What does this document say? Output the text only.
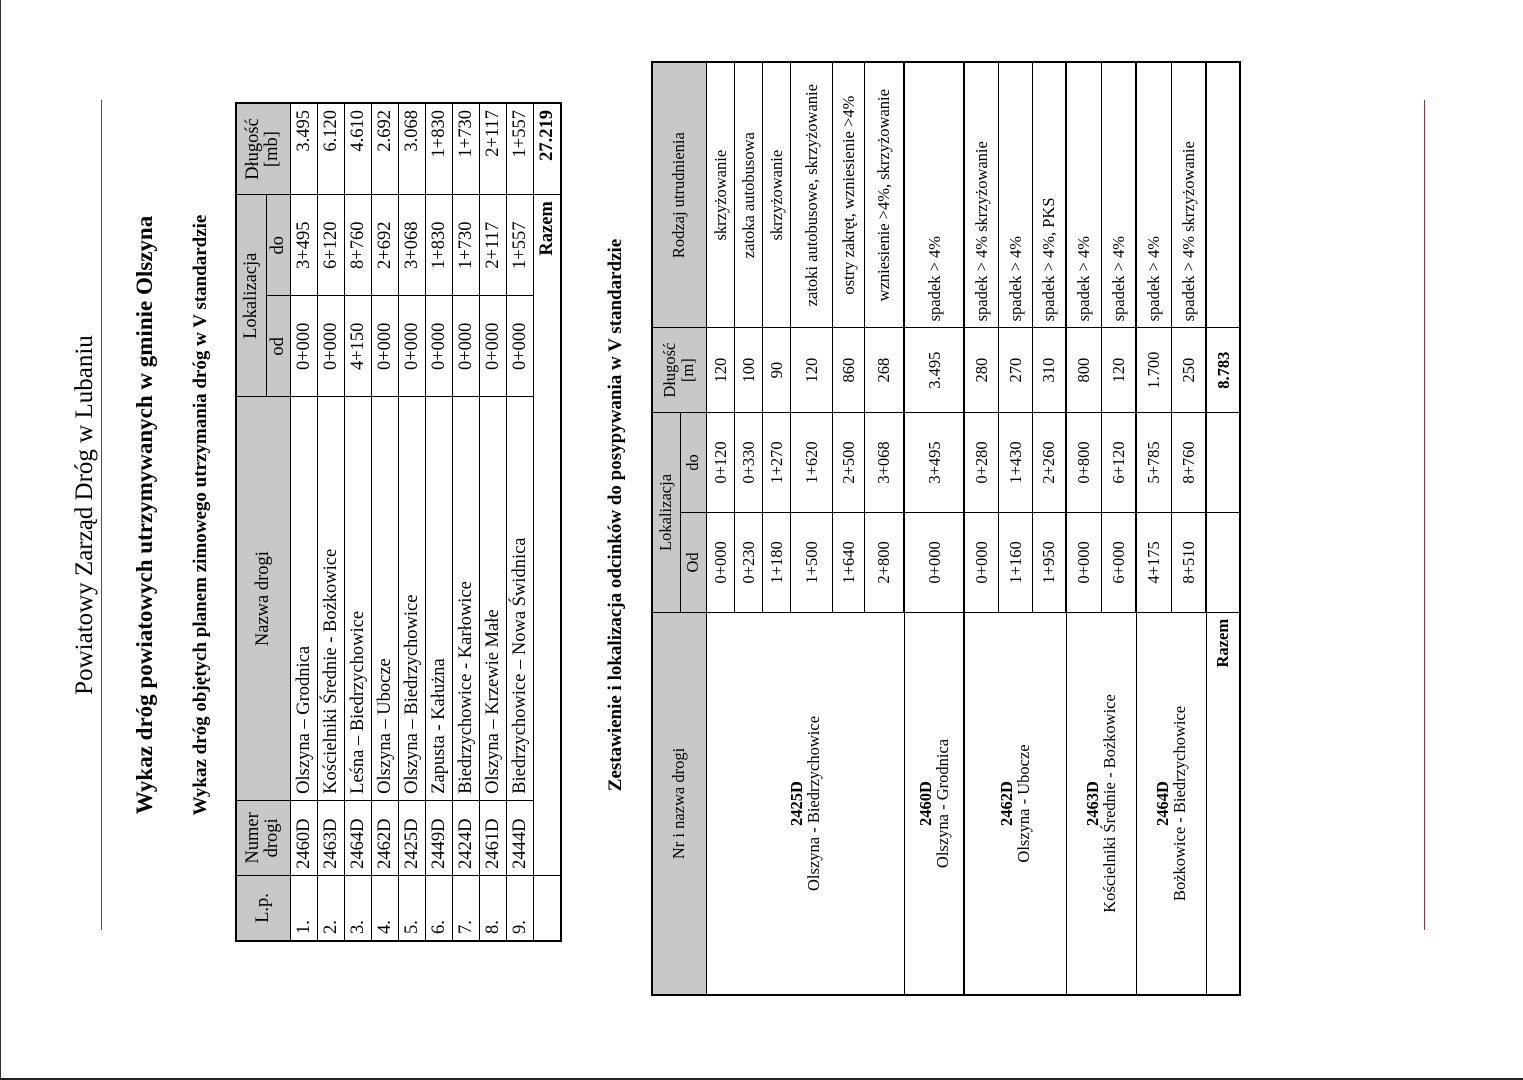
Powiatowy Zarząd Dróg w Lubaniu Wykaz dróg powiatowych utrzymywanych w gminie Olszyna Wykaz dróg objętych planem zimowego utrzymania dróg w V standardzie	Zestawienie i lokalizacja odcinków do posypywania w V standardzie
L.p.	Numer drogi	Nazwa drogi	Lokalizacja		Długość [mb]
			od	do	
1.	2460D	Olszyna – Grodnica	0+000	3+495	3.495
2.	2463D	Kościelniki Średnie - Bożkowice	0+000	6+120	6.120
3.	2464D	Leśna – Biedrzychowice	4+150	8+760	4.610
4.	2462D	Olszyna – Ubocze	0+000	2+692	2.692
5.	2425D	Olszyna – Biedrzychowice	0+000	3+068	3.068
6.	2449D	Zapusta - Kałużna	0+000	1+830	1+830
7.	2424D	Biedrzychowice - Karłowice	0+000	1+730	1+730
8.	2461D	Olszyna – Krzewie Małe	0+000	2+117	2+117
9.	2444D	Biedrzychowice – Nowa Świdnica	0+000	1+557	1+557
	Razem				27.219
Nr i nazwa drogi	Lokalizacja		Długość [m]	Rodzaj utrudnienia
	Od	do		

2425D
Olszyna - Biedrzychowice	0+000	0+120	120	skrzyżowanie
	0+230	0+330	100	zatoka autobusowa
	1+180	1+270	90	skrzyżowanie
	1+500	1+620	120	zatoki autobusowe, skrzyżowanie
	1+640	2+500	860	ostry zakręt, wzniesienie >4%
	2+800	3+068	268	wzniesienie >4%, skrzyżowanie

2460D
Olszyna - Grodnica	0+000	3+495	3.495	spadek > 4%

2462D
Olszyna - Ubocze	0+000	0+280	280	spadek > 4% skrzyżowanie
	1+160	1+430	270	spadek > 4%
	1+950	2+260	310	spadek > 4%, PKS

2463D
Kościelniki Średnie - Bożkowice	0+000	0+800	800	spadek > 4%
	6+000	6+120	120	spadek > 4%

2464D
Bożkowice - Biedrzychowice	4+175	5+785	1.700	spadek > 4%
	8+510	8+760	250	spadek > 4% skrzyżowanie
Razem			8.783	
